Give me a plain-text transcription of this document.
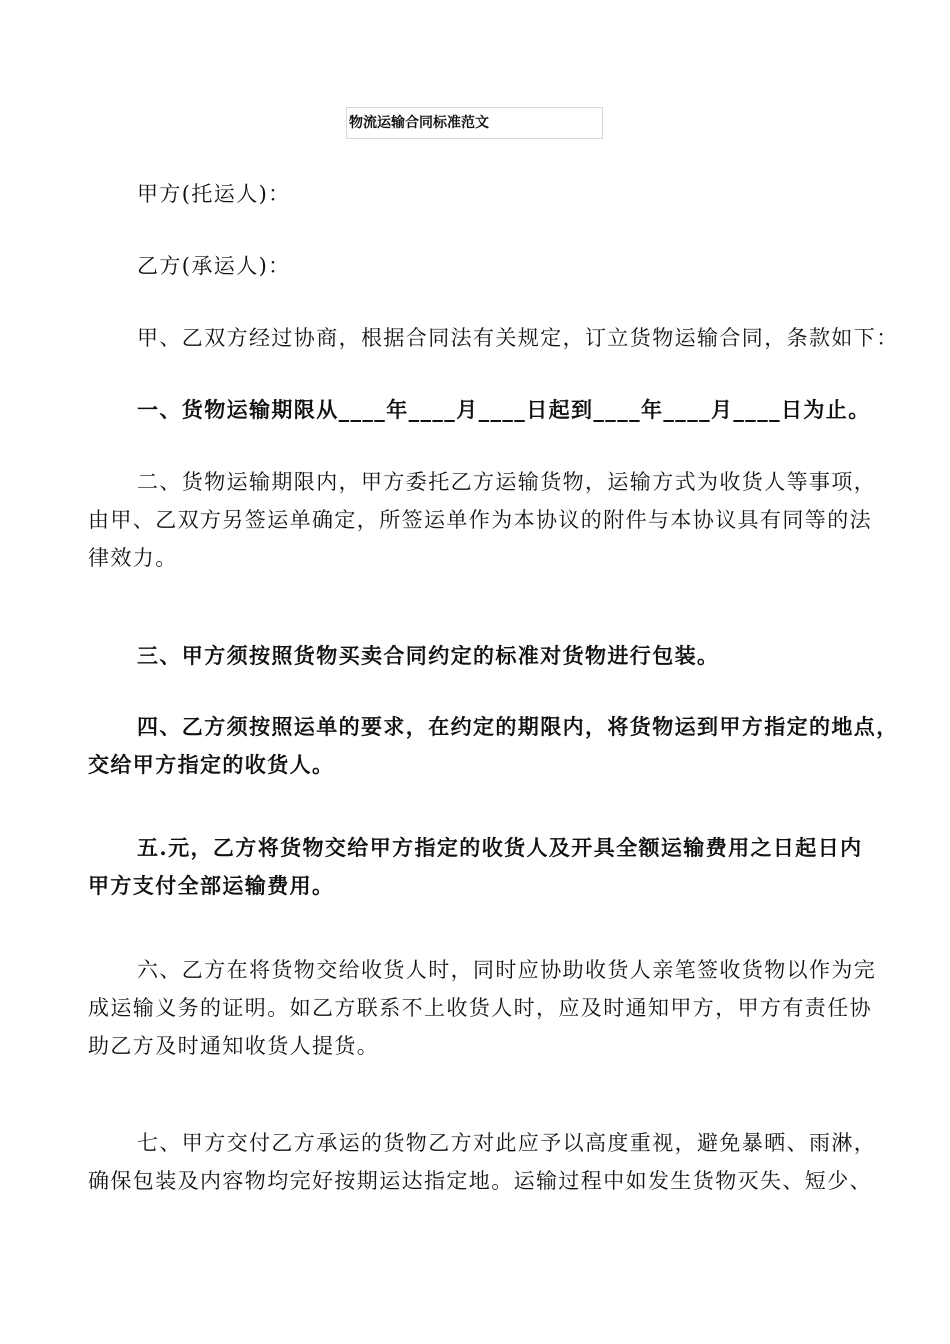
物流运输合同标准范文

甲方(托运人)：

乙方(承运人)：

甲、乙双方经过协商，根据合同法有关规定，订立货物运输合同，条款如下：

一、货物运输期限从____年____月____日起到____年____月____日为止。

二、货物运输期限内，甲方委托乙方运输货物，运输方式为收货人等事项，
由甲、乙双方另签运单确定，所签运单作为本协议的附件与本协议具有同等的法
律效力。

三、甲方须按照货物买卖合同约定的标准对货物进行包装。

四、乙方须按照运单的要求，在约定的期限内，将货物运到甲方指定的地点，
交给甲方指定的收货人。
五.元，乙方将货物交给甲方指定的收货人及开具全额运输费用之日起日内
甲方支付全部运输费用。
六、乙方在将货物交给收货人时，同时应协助收货人亲笔签收货物以作为完
成运输义务的证明。如乙方联系不上收货人时，应及时通知甲方，甲方有责任协
助乙方及时通知收货人提货。
七、甲方交付乙方承运的货物乙方对此应予以高度重视，避免暴晒、雨淋，
确保包装及内容物均完好按期运达指定地。运输过程中如发生货物灭失、短少、
